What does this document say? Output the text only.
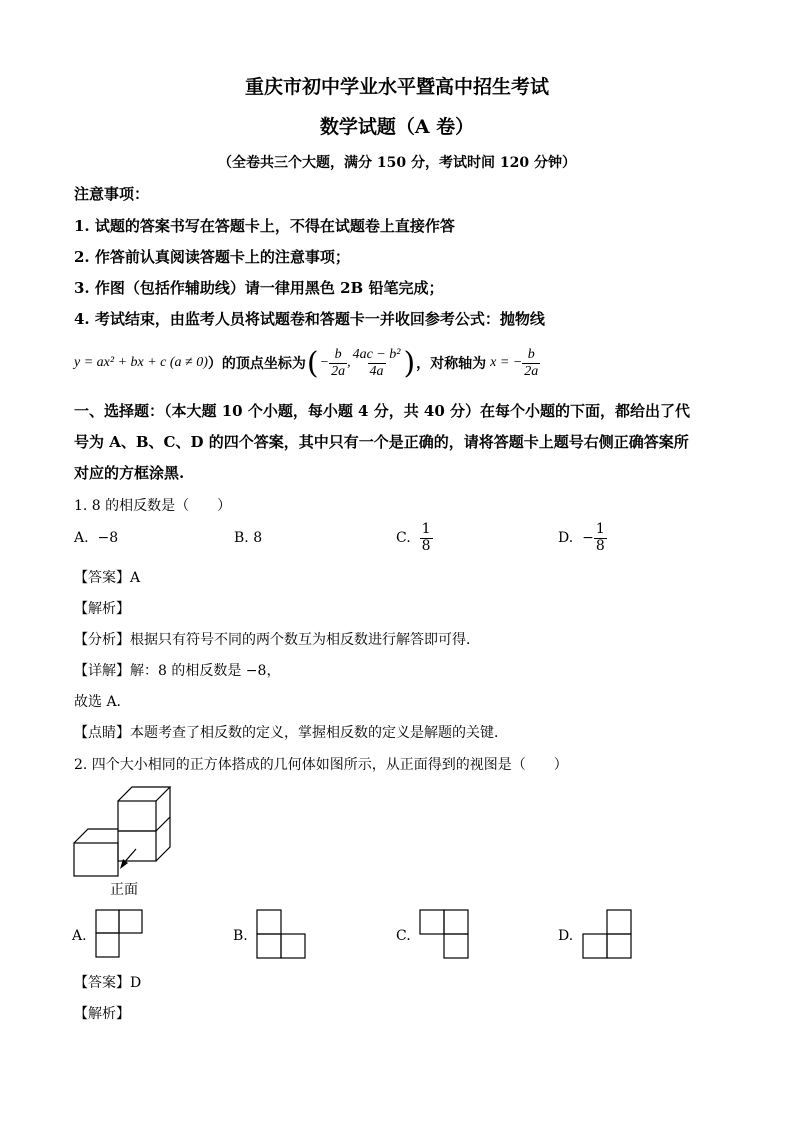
重庆市初中学业水平暨高中招生考试
数学试题（A 卷）
（全卷共三个大题，满分 150 分，考试时间 120 分钟）
注意事项：
1. 试题的答案书写在答题卡上，不得在试题卷上直接作答
2. 作答前认真阅读答题卡上的注意事项；
3. 作图（包括作辅助线）请一律用黑色 2B 铅笔完成；
4. 考试结束，由监考人员将试题卷和答题卡一并收回参考公式：抛物线
y = ax² + bx + c (a ≠ 0) ）的顶点坐标为 ( − $\frac{b}{2a}$ , $\frac{\text{4ac − b²}}{4a}$ ) ，对称轴为 x = − $\frac{b}{2a}$
一、选择题：（本大题 10 个小题，每小题 4 分，共 40 分）在每个小题的下面，都给出了代
号为 A、B、C、D 的四个答案，其中只有一个是正确的，请将答题卡上题号右侧正确答案所
对应的方框涂黑.
1. 8 的相反数是（　　）
A. −8	B. 8	C.
$\frac{1}{8}$	D.
− $\frac{1}{8}$
【答案】A
【解析】
【分析】根据只有符号不同的两个数互为相反数进行解答即可得．
【详解】解：8 的相反数是 −8，
故选 A．
【点睛】本题考查了相反数的定义，掌握相反数的定义是解题的关键．
2. 四个大小相同的正方体搭成的几何体如图所示，从正面得到的视图是（　　）
正面
A.	B.	C.	D.
【答案】D
【解析】
